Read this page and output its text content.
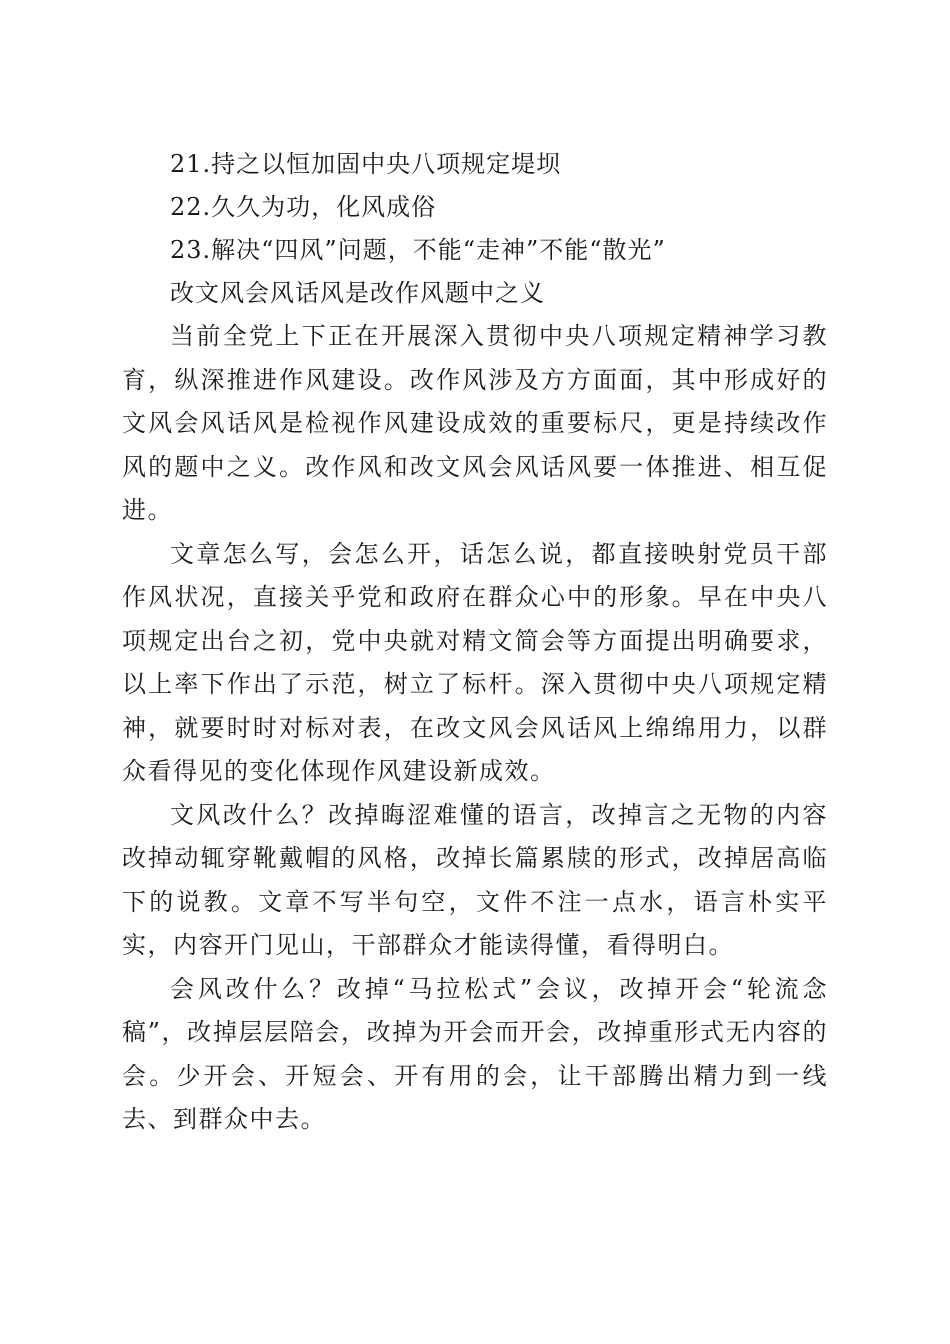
21.持之以恒加固中央八项规定堤坝

22.久久为功，化风成俗

23.解决“四风”问题，不能“走神”不能“散光”

改文风会风话风是改作风题中之义

当前全党上下正在开展深入贯彻中央八项规定精神学习教育，纵深推进作风建设。改作风涉及方方面面，其中形成好的文风会风话风是检视作风建设成效的重要标尺，更是持续改作风的题中之义。改作风和改文风会风话风要一体推进、相互促进。

文章怎么写，会怎么开，话怎么说，都直接映射党员干部作风状况，直接关乎党和政府在群众心中的形象。早在中央八项规定出台之初，党中央就对精文简会等方面提出明确要求，以上率下作出了示范，树立了标杆。深入贯彻中央八项规定精神，就要时时对标对表，在改文风会风话风上绵绵用力，以群众看得见的变化体现作风建设新成效。

文风改什么？改掉晦涩难懂的语言，改掉言之无物的内容改掉动辄穿靴戴帽的风格，改掉长篇累牍的形式，改掉居高临下的说教。文章不写半句空，文件不注一点水，语言朴实平实，内容开门见山，干部群众才能读得懂，看得明白。

会风改什么？改掉“马拉松式”会议，改掉开会“轮流念稿”，改掉层层陪会，改掉为开会而开会，改掉重形式无内容的会。少开会、开短会、开有用的会，让干部腾出精力到一线去、到群众中去。
